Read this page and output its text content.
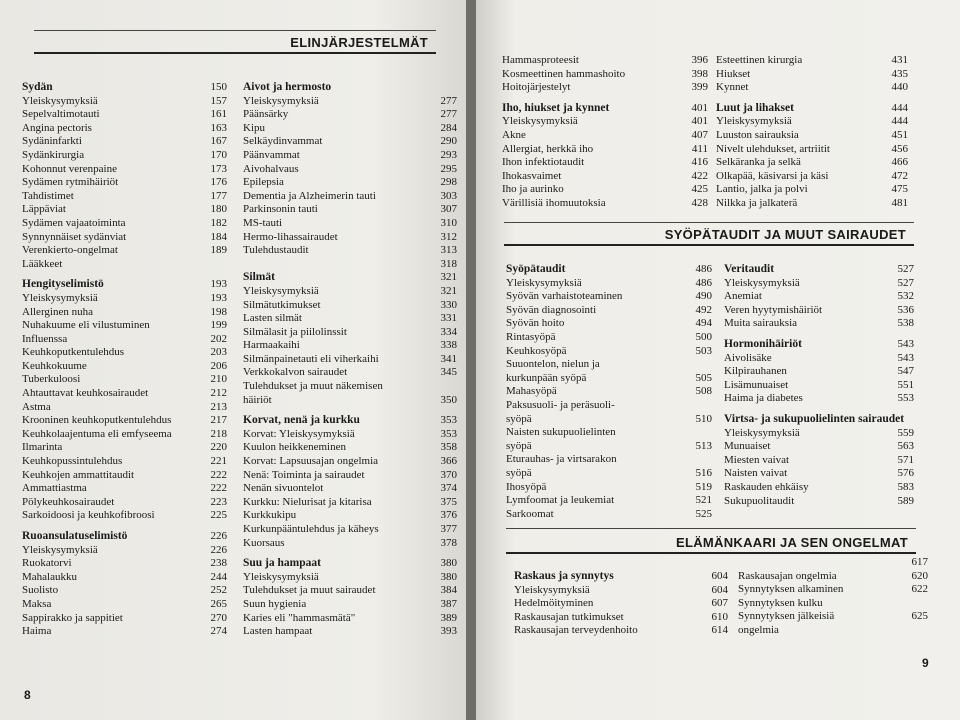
ELINJÄRJESTELMÄT
Sydän	150
Yleiskysymyksiä	157
Sepelvaltimotauti	161
Angina pectoris	163
Sydäninfarkti	167
Sydänkirurgia	170
Kohonnut verenpaine	173
Sydämen rytmihäiriöt	176
Tahdistimet	177
Läppäviat	180
Sydämen vajaatoiminta	182
Synnynnäiset sydänviat	184
Verenkierto-ongelmat	189
Lääkkeet
Hengityselimistö	193
Yleiskysymyksiä	193
Allerginen nuha	198
Nuhakuume eli vilustuminen	199
Influenssa	202
Keuhkoputkentulehdus	203
Keuhkokuume	206
Tuberkuloosi	210
Ahtauttavat keuhkosairaudet	212
Astma	213
Krooninen keuhkoputkentulehdus	217
Keuhkolaajentuma eli emfyseema	218
Ilmarinta	220
Keuhkopussintulehdus	221
Keuhkojen ammattitaudit	222
Ammattiastma	222
Pölykeuhkosairaudet	223
Sarkoidoosi ja keuhkofibroosi	225
Ruoansulatuselimistö	226
Yleiskysymyksiä	226
Ruokatorvi	238
Mahalaukku	244
Suolisto	252
Maksa	265
Sappirakko ja sappitiet	270
Haima	274
Aivot ja hermosto
Yleiskysymyksiä	277
Päänsärky	277
Kipu	284
Selkäydinvammat	290
Päänvammat	293
Aivohalvaus	295
Epilepsia	298
Dementia ja Alzheimerin tauti	303
Parkinsonin tauti	307
MS-tauti	310
Hermo-lihassairaudet	312
Tulehdustaudit	313
318
Silmät	321
Yleiskysymyksiä	321
Silmätutkimukset	330
Lasten silmät	331
Silmälasit ja piilolinssit	334
Harmaakaihi	338
Silmänpainetauti eli viherkaihi	341
Verkkokalvon sairaudet	345
Tulehdukset ja muut näkemisen
häiriöt	350
Korvat, nenä ja kurkku	353
Korvat: Yleiskysymyksiä	353
Kuulon heikkeneminen	358
Korvat: Lapsuusajan ongelmia	366
Nenä: Toiminta ja sairaudet	370
Nenän sivuontelot	374
Kurkku: Nielurisat ja kitarisa	375
Kurkkukipu	376
Kurkunpääntulehdus ja käheys	377
Kuorsaus	378
Suu ja hampaat	380
Yleiskysymyksiä	380
Tulehdukset ja muut sairaudet	384
Suun hygienia	387
Karies eli "hammasmätä"	389
Lasten hampaat	393
8
Hammasproteesit	396
Kosmeettinen hammashoito	398
Hoitojärjestelyt	399
Iho, hiukset ja kynnet	401
Yleiskysymyksiä	401
Akne	407
Allergiat, herkkä iho	411
Ihon infektiotaudit	416
Ihokasvaimet	422
Iho ja aurinko	425
Värillisiä ihomuutoksia	428
Esteettinen kirurgia	431
Hiukset	435
Kynnet	440
Luut ja lihakset	444
Yleiskysymyksiä	444
Luuston sairauksia	451
Nivelt ulehdukset, artriitit	456
Selkäranka ja selkä	466
Olkapää, käsivarsi ja käsi	472
Lantio, jalka ja polvi	475
Nilkka ja jalkaterä	481
SYÖPÄTAUDIT JA MUUT SAIRAUDET
Syöpätaudit	486
Yleiskysymyksiä	486
Syövän varhaistoteaminen	490
Syövän diagnosointi	492
Syövän hoito	494
Rintasyöpä	500
Keuhkosyöpä	503
Suuontelon, nielun ja
kurkunpään syöpä	505
Mahasyöpä	508
Paksusuoli- ja peräsuoli-
syöpä	510
Naisten sukupuolielinten
syöpä	513
Eturauhas- ja virtsarakon
syöpä	516
Ihosyöpä	519
Lymfoomat ja leukemiat	521
Sarkoomat	525
Veritaudit	527
Yleiskysymyksiä	527
Anemiat	532
Veren hyytymishäiriöt	536
Muita sairauksia	538
Hormonihäiriöt	543
Aivolisäke	543
Kilpirauhanen	547
Lisämunuaiset	551
Haima ja diabetes	553
Virtsa- ja sukupuolielinten sairaudet
Yleiskysymyksiä	559
Munuaiset	563
Miesten vaivat	571
Naisten vaivat	576
Raskauden ehkäisy	583
Sukupuolitaudit	589
ELÄMÄNKAARI JA SEN ONGELMAT
Raskaus ja synnytys	604
Yleiskysymyksiä	604
Hedelmöityminen	607
Raskausajan tutkimukset	610
Raskausajan terveydenhoito	614
617
Raskausajan ongelmia	620
Synnytyksen alkaminen	622
Synnytyksen kulku
Synnytyksen jälkeisiä	625
ongelmia
9
